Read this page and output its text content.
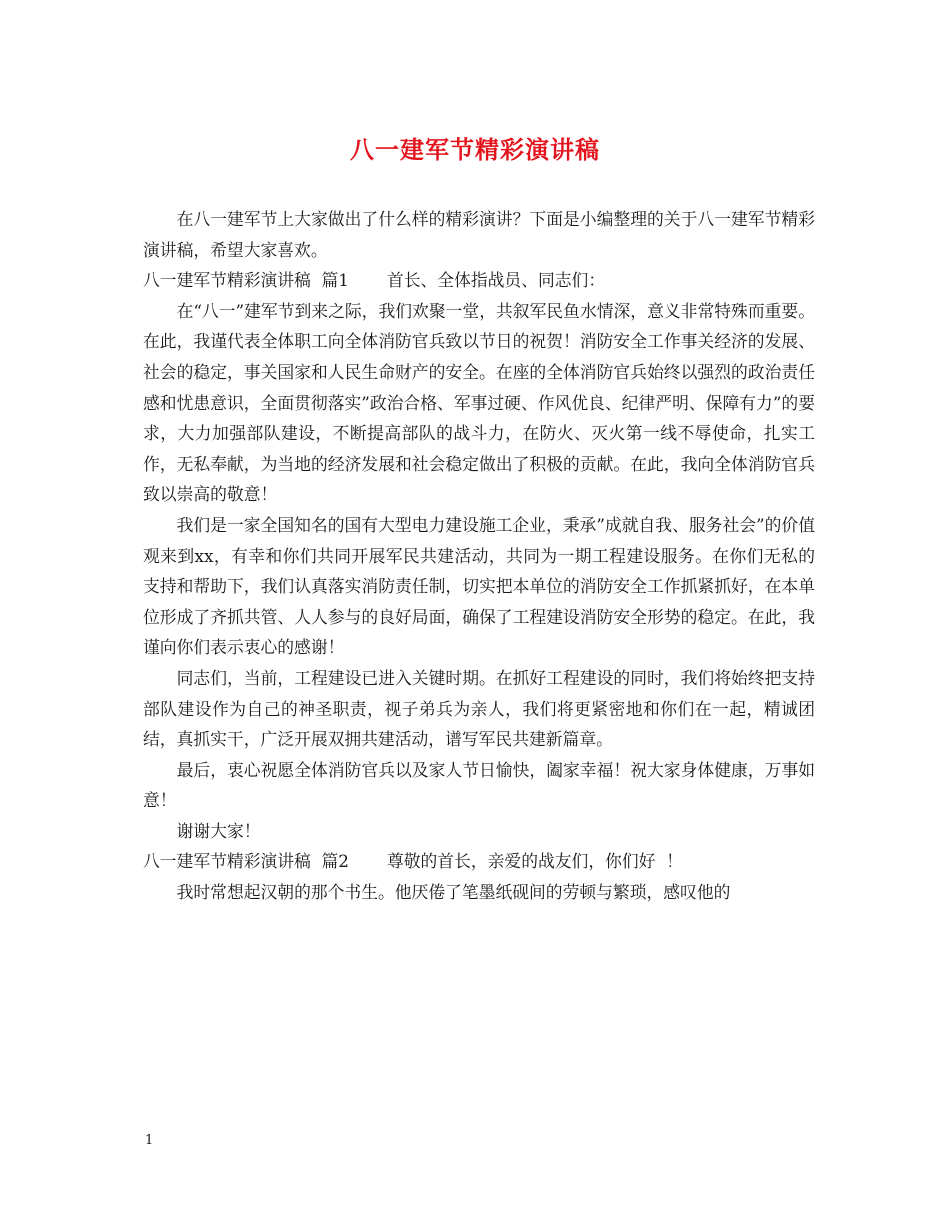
八一建军节精彩演讲稿

在八一建军节上大家做出了什么样的精彩演讲？下面是小编整理的关于八一建军节精彩演讲稿，希望大家喜欢。

八一建军节精彩演讲稿  篇1 首长、全体指战员、同志们：

在“八一”建军节到来之际，我们欢聚一堂，共叙军民鱼水情深，意义非常特殊而重要。在此，我谨代表全体职工向全体消防官兵致以节日的祝贺！消防安全工作事关经济的发展、社会的稳定，事关国家和人民生命财产的安全。在座的全体消防官兵始终以强烈的政治责任感和忧患意识，全面贯彻落实”政治合格、军事过硬、作风优良、纪律严明、保障有力”的要求，大力加强部队建设，不断提高部队的战斗力，在防火、灭火第一线不辱使命，扎实工作，无私奉献，为当地的经济发展和社会稳定做出了积极的贡献。在此，我向全体消防官兵致以崇高的敬意！

我们是一家全国知名的国有大型电力建设施工企业，秉承”成就自我、服务社会”的价值观来到xx，有幸和你们共同开展军民共建活动，共同为一期工程建设服务。在你们无私的支持和帮助下，我们认真落实消防责任制，切实把本单位的消防安全工作抓紧抓好，在本单位形成了齐抓共管、人人参与的良好局面，确保了工程建设消防安全形势的稳定。在此，我谨向你们表示衷心的感谢！

同志们，当前，工程建设已进入关键时期。在抓好工程建设的同时，我们将始终把支持部队建设作为自己的神圣职责，视子弟兵为亲人，我们将更紧密地和你们在一起，精诚团结，真抓实干，广泛开展双拥共建活动，谱写军民共建新篇章。

最后，衷心祝愿全体消防官兵以及家人节日愉快，阖家幸福！祝大家身体健康，万事如意！

谢谢大家！

八一建军节精彩演讲稿  篇2 尊敬的首长，亲爱的战友们，你们好  ！

我时常想起汉朝的那个书生。他厌倦了笔墨纸砚间的劳顿与繁琐，感叹他的

1
